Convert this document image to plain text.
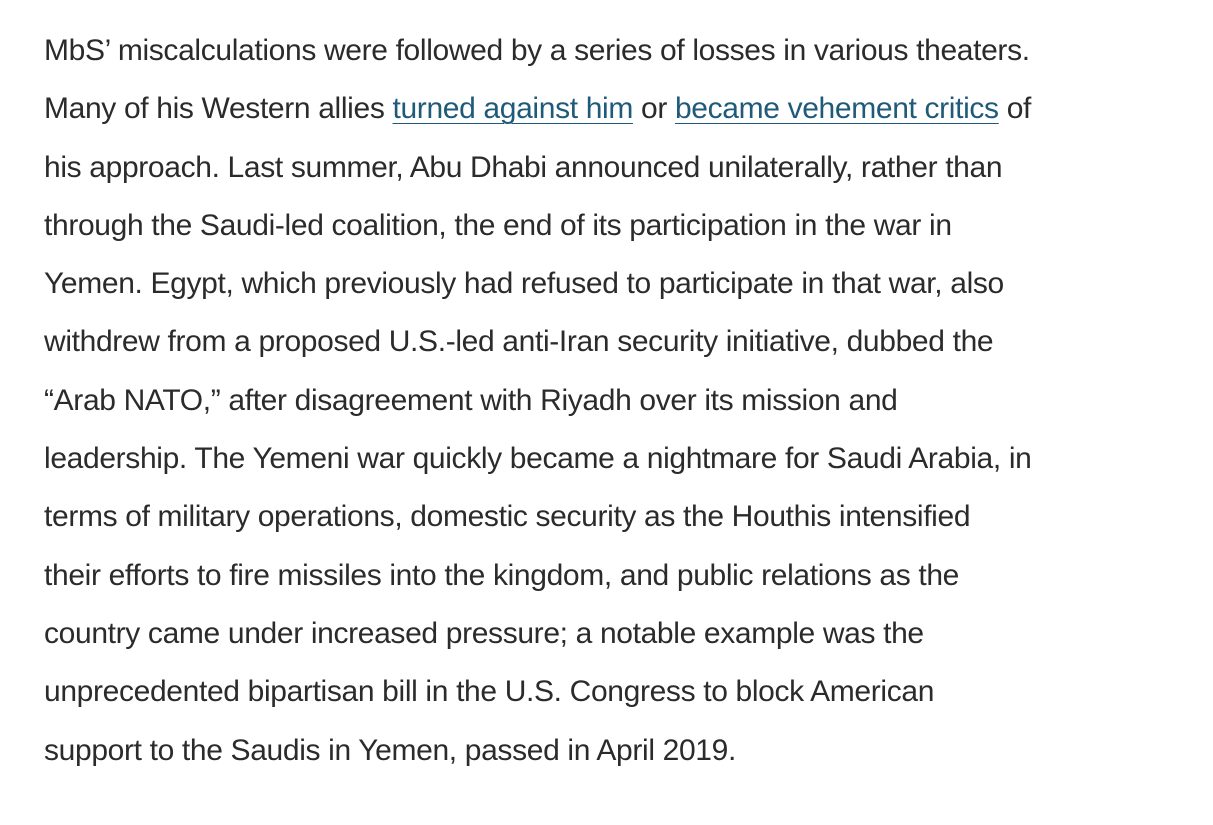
MbS’ miscalculations were followed by a series of losses in various theaters.
Many of his Western allies turned against him or became vehement critics of
his approach. Last summer, Abu Dhabi announced unilaterally, rather than
through the Saudi-led coalition, the end of its participation in the war in
Yemen. Egypt, which previously had refused to participate in that war, also
withdrew from a proposed U.S.-led anti-Iran security initiative, dubbed the
“Arab NATO,” after disagreement with Riyadh over its mission and
leadership. The Yemeni war quickly became a nightmare for Saudi Arabia, in
terms of military operations, domestic security as the Houthis intensified
their efforts to fire missiles into the kingdom, and public relations as the
country came under increased pressure; a notable example was the
unprecedented bipartisan bill in the U.S. Congress to block American
support to the Saudis in Yemen, passed in April 2019.
